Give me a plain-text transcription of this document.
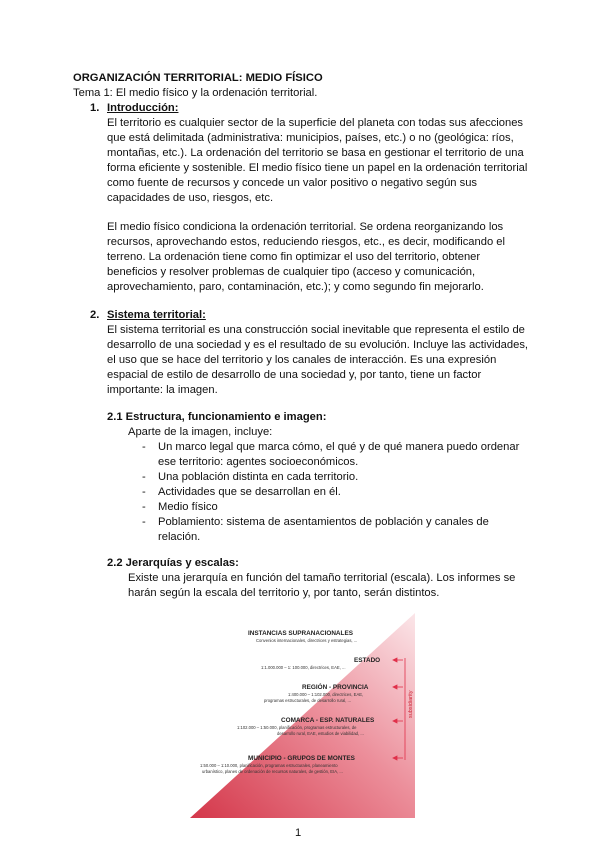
ORGANIZACIÓN TERRITORIAL: MEDIO FÍSICO
Tema 1: El medio físico y la ordenación territorial.
1. Introducción:
El territorio es cualquier sector de la superficie del planeta con todas sus afecciones
que está delimitada (administrativa: municipios, países, etc.) o no (geológica: ríos,
montañas, etc.). La ordenación del territorio se basa en gestionar el territorio de una
forma eficiente y sostenible. El medio físico tiene un papel en la ordenación territorial
como fuente de recursos y concede un valor positivo o negativo según sus
capacidades de uso, riesgos, etc.
El medio físico condiciona la ordenación territorial. Se ordena reorganizando los
recursos, aprovechando estos, reduciendo riesgos, etc., es decir, modificando el
terreno. La ordenación tiene como fin optimizar el uso del territorio, obtener
beneficios y resolver problemas de cualquier tipo (acceso y comunicación,
aprovechamiento, paro, contaminación, etc.); y como segundo fin mejorarlo.
2. Sistema territorial:
El sistema territorial es una construcción social inevitable que representa el estilo de
desarrollo de una sociedad y es el resultado de su evolución. Incluye las actividades,
el uso que se hace del territorio y los canales de interacción. Es una expresión
espacial de estilo de desarrollo de una sociedad y, por tanto, tiene un factor
importante: la imagen.
2.1 Estructura, funcionamiento e imagen:
Aparte de la imagen, incluye:
- Un marco legal que marca cómo, el qué y de qué manera puedo ordenar
ese territorio: agentes socioeconómicos.
- Una población distinta en cada territorio.
- Actividades que se desarrollan en él.
- Medio físico
- Poblamiento: sistema de asentamientos de población y canales de
relación.
2.2 Jerarquías y escalas:
Existe una jerarquía en función del tamaño territorial (escala). Los informes se
harán según la escala del territorio y, por tanto, serán distintos.
INSTANCIAS SUPRANACIONALES
Convenios internacionales, directrices y estrategias, ...
ESTADO
1:1.000.000 – 1: 100.000, directrices, EAE, ...
REGIÓN - PROVINCIA
1:400.000 – 1:102.000, directrices, EAE,
programas estructurales, de desarrollo rural, ...
COMARCA - ESP. NATURALES
1:102.000 – 1:50.000, planificación, programas estructurales, de
desarrollo rural, EAE, estudios de viabilidad, ...
MUNICIPIO - GRUPOS DE MONTES
1:50.000 – 1:10.000, planificación, programas estructurales, planeamiento
urbanístico, planes de ordenación de recursos naturales, de gestión, EIA, ...
subsidiarity
1
